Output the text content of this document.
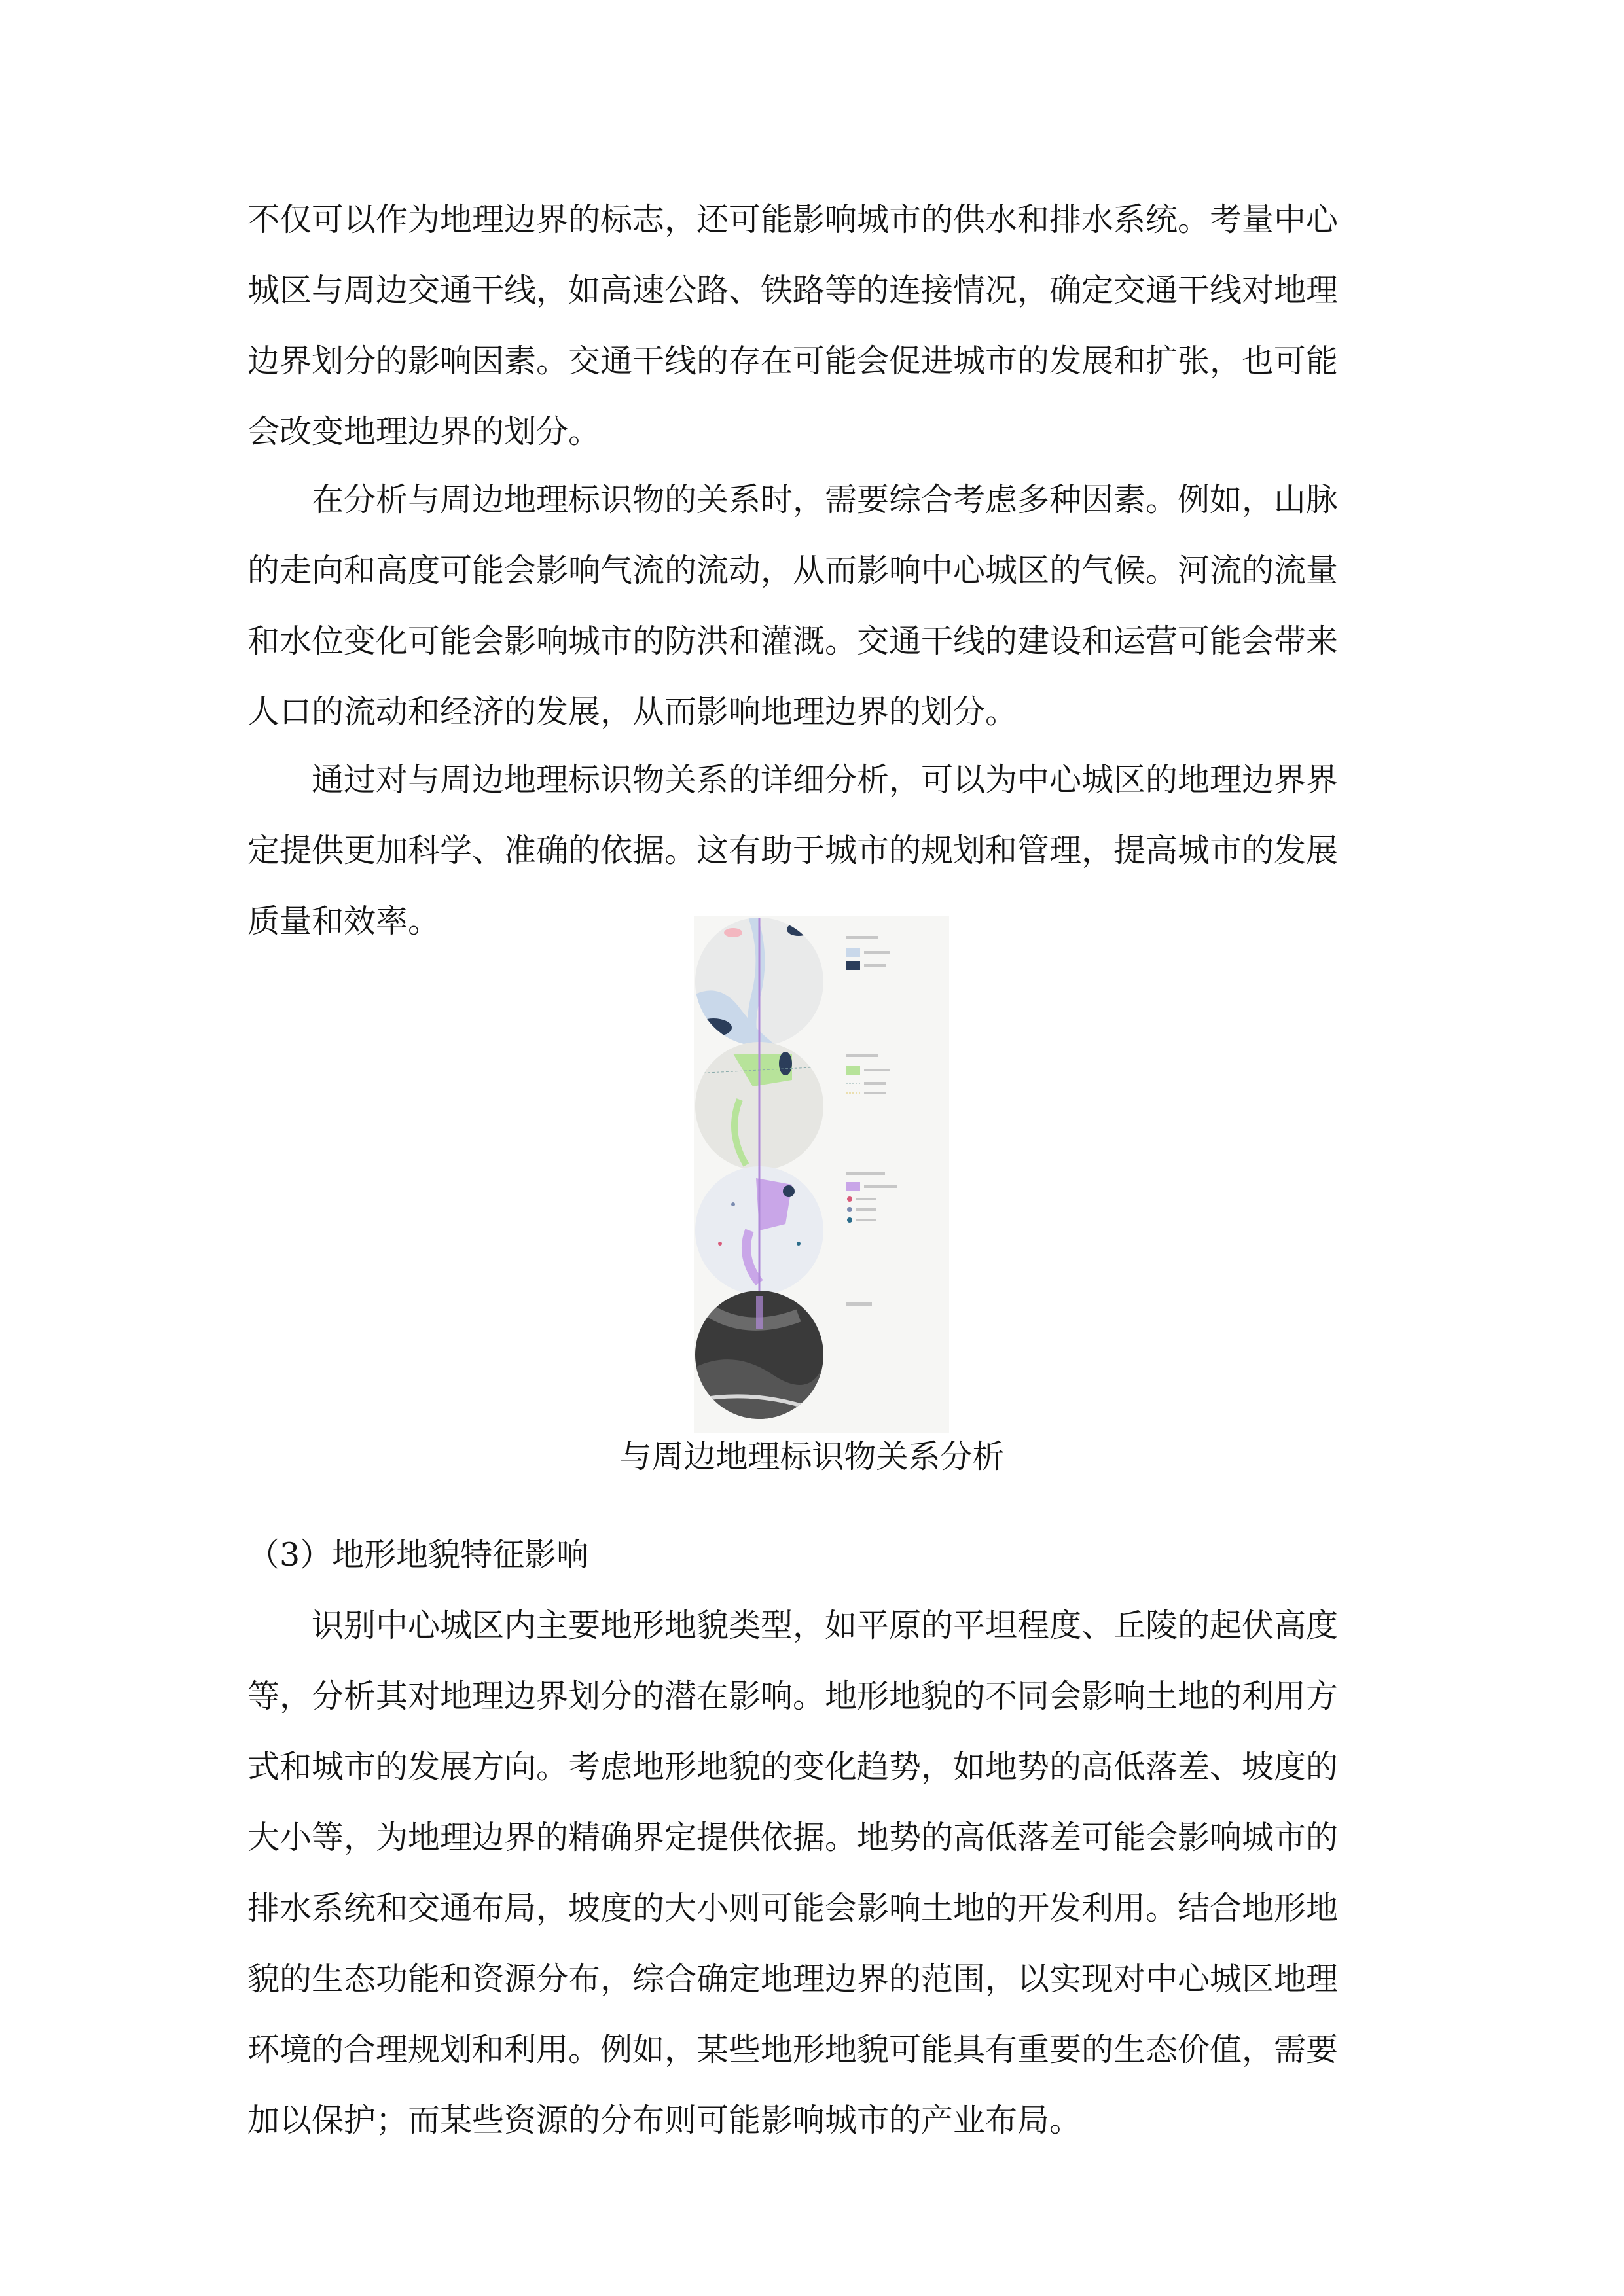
不仅可以作为地理边界的标志，还可能影响城市的供水和排水系统。考量中心
城区与周边交通干线，如高速公路、铁路等的连接情况，确定交通干线对地理
边界划分的影响因素。交通干线的存在可能会促进城市的发展和扩张，也可能
会改变地理边界的划分。
在分析与周边地理标识物的关系时，需要综合考虑多种因素。例如，山脉
的走向和高度可能会影响气流的流动，从而影响中心城区的气候。河流的流量
和水位变化可能会影响城市的防洪和灌溉。交通干线的建设和运营可能会带来
人口的流动和经济的发展，从而影响地理边界的划分。
通过对与周边地理标识物关系的详细分析，可以为中心城区的地理边界界
定提供更加科学、准确的依据。这有助于城市的规划和管理，提高城市的发展
质量和效率。
与周边地理标识物关系分析
（3）地形地貌特征影响
识别中心城区内主要地形地貌类型，如平原的平坦程度、丘陵的起伏高度
等，分析其对地理边界划分的潜在影响。地形地貌的不同会影响土地的利用方
式和城市的发展方向。考虑地形地貌的变化趋势，如地势的高低落差、坡度的
大小等，为地理边界的精确界定提供依据。地势的高低落差可能会影响城市的
排水系统和交通布局，坡度的大小则可能会影响土地的开发利用。结合地形地
貌的生态功能和资源分布，综合确定地理边界的范围，以实现对中心城区地理
环境的合理规划和利用。例如，某些地形地貌可能具有重要的生态价值，需要
加以保护；而某些资源的分布则可能影响城市的产业布局。
